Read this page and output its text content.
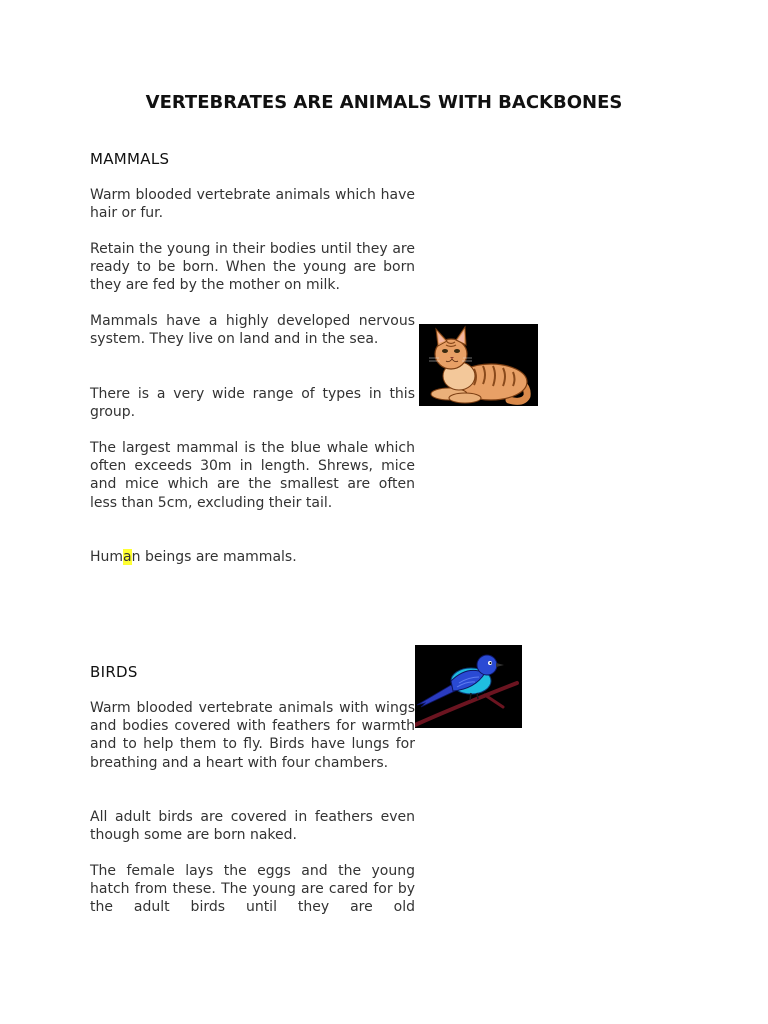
VERTEBRATES ARE ANIMALS WITH BACKBONES
MAMMALS

Warm blooded vertebrate animals which have hair or fur.

Retain the young in their bodies until they are ready to be born. When the young are born they are fed by the mother on milk.

Mammals have a highly developed nervous system. They live on land and in the sea.

There is a very wide range of types in this group.

The largest mammal is the blue whale which often exceeds 30m in length. Shrews, mice and mice which are the smallest are often less than 5cm, excluding their tail.

Human beings are mammals.

BIRDS

Warm blooded vertebrate animals with wings and bodies covered with feathers for warmth and to help them to fly. Birds have lungs for breathing and a heart with four chambers.

All adult birds are covered in feathers even though some are born naked.

The female lays the eggs and the young hatch from these. The young are cared for by the adult birds until they are old
